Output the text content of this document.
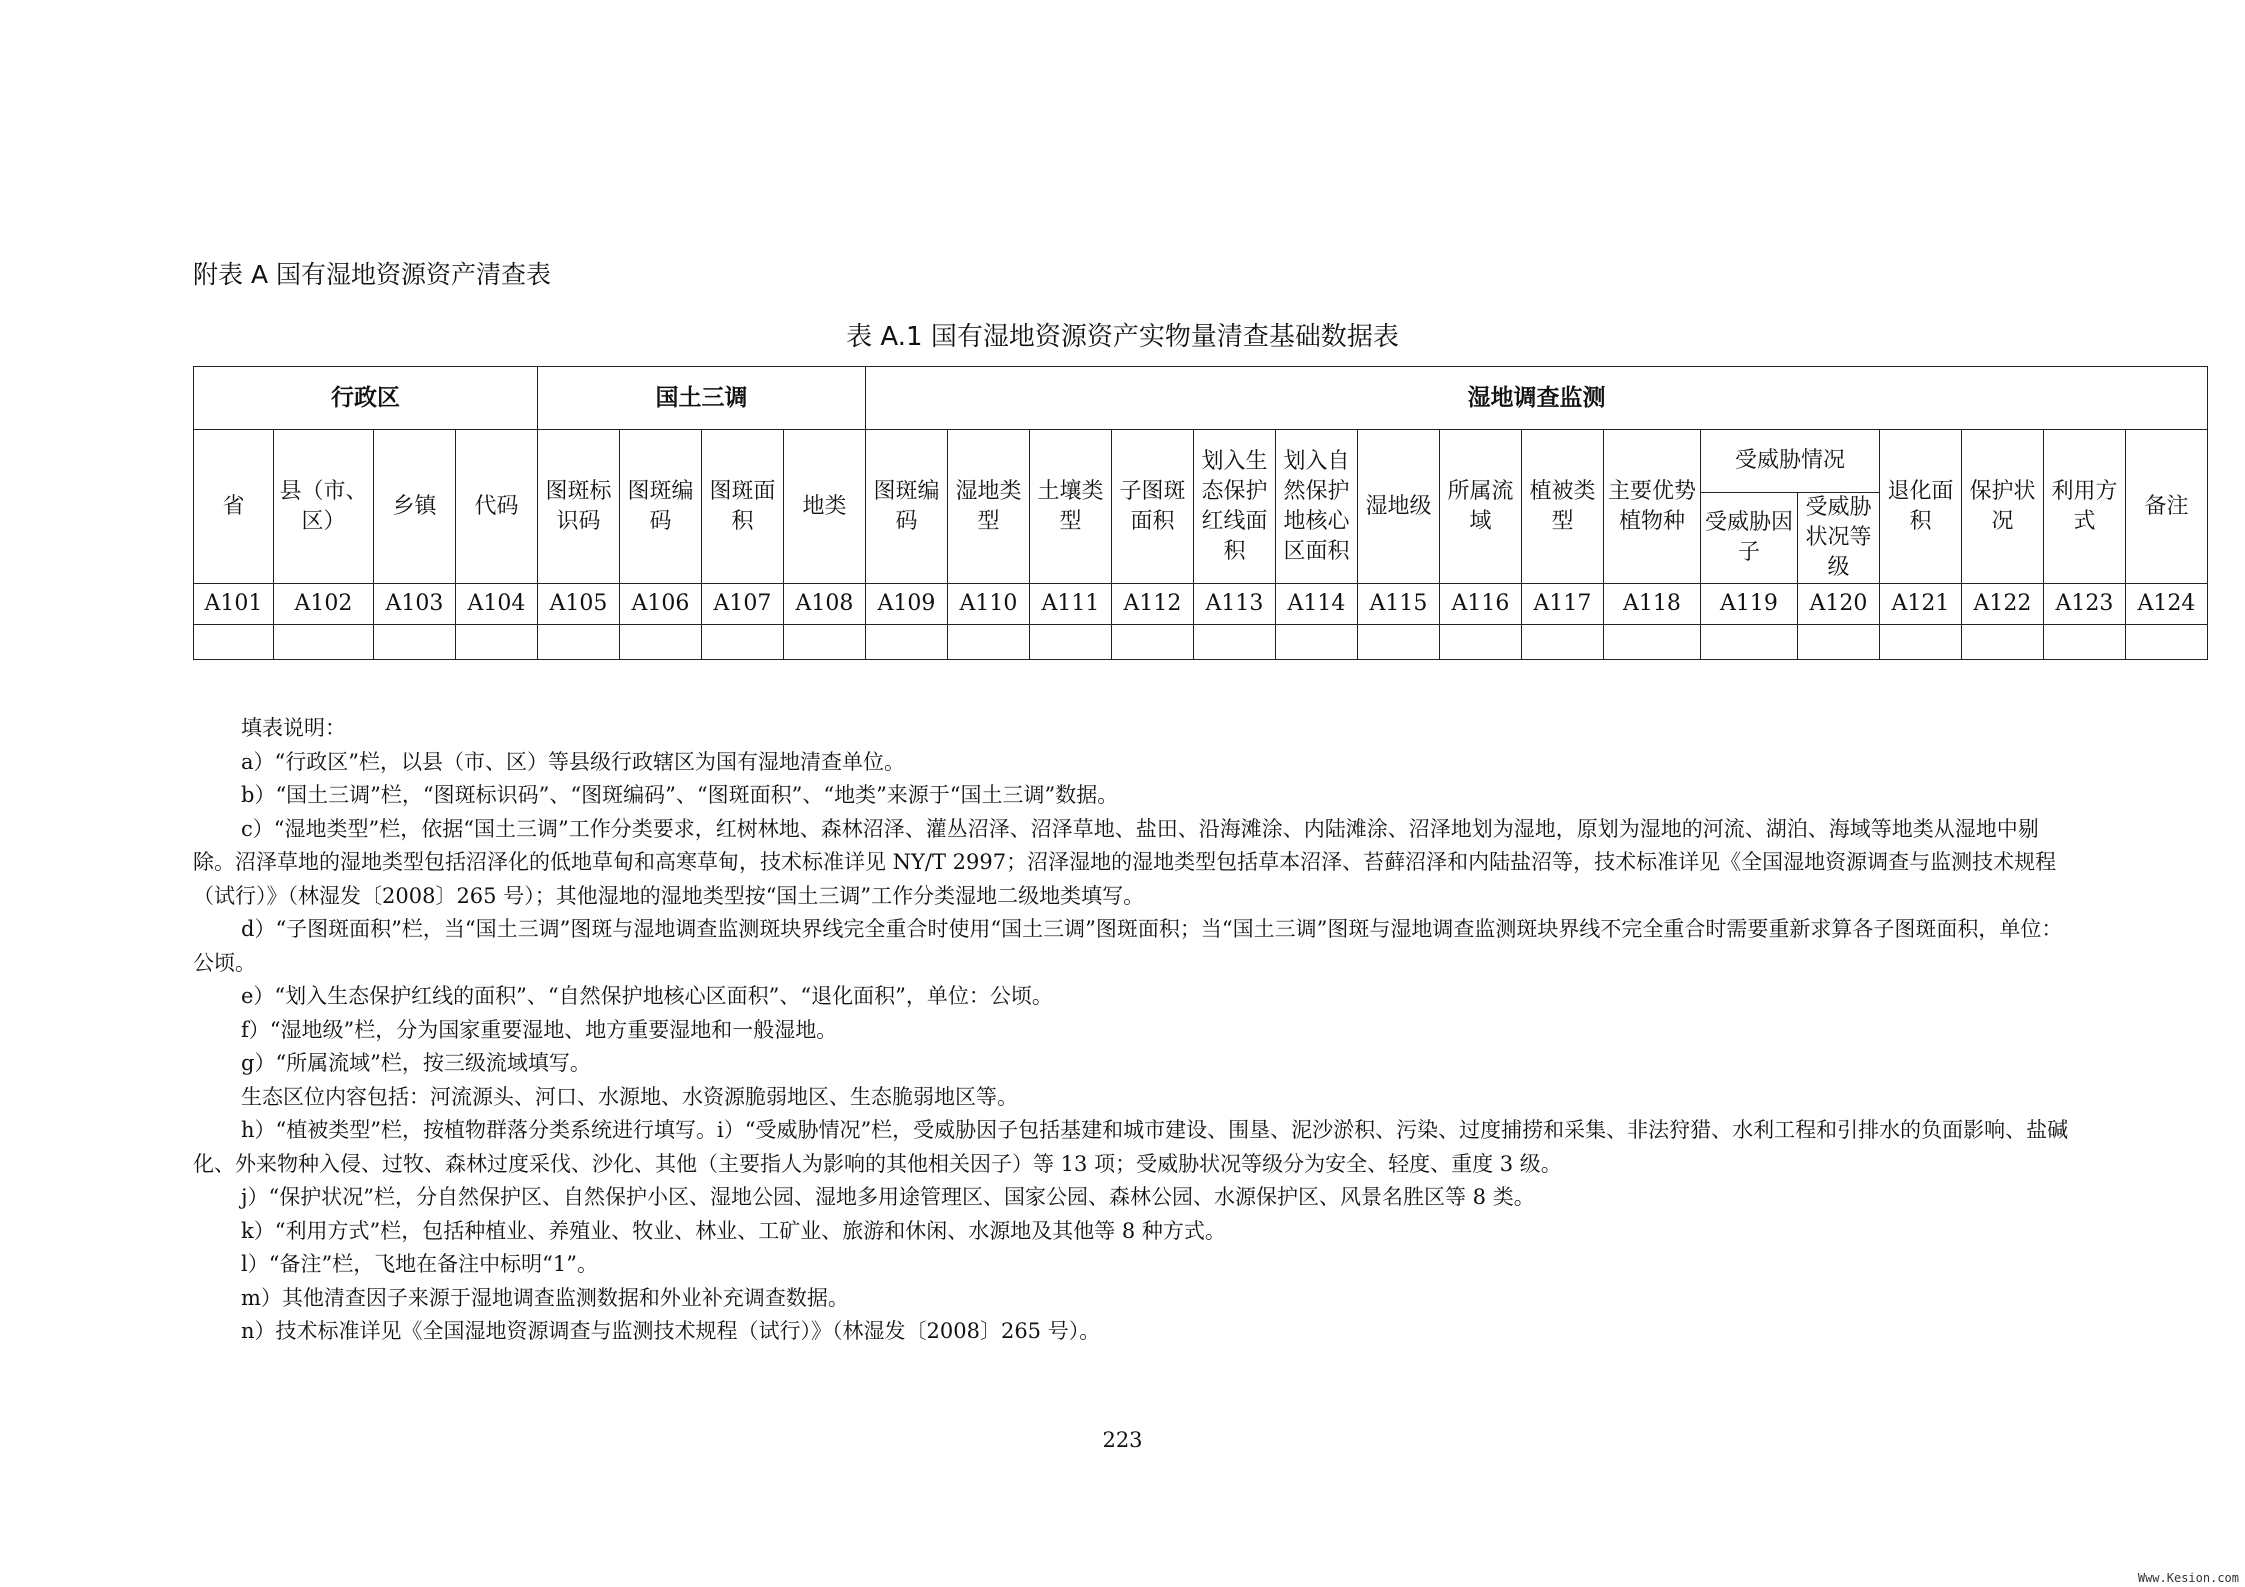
附表 A 国有湿地资源资产清查表
表 A.1 国有湿地资源资产实物量清查基础数据表
行政区				国土三调				湿地调查监测															
省	县（市、区）	乡镇	代码	图斑标识码	图斑编码	图斑面积	地类	图斑编码	湿地类型	土壤类型	子图斑面积	划入生态保护红线面积	划入自然保护地核心区面积	湿地级	所属流域	植被类型	主要优势植物种	受威胁情况		退化面积	保护状况	利用方式	备注
																		受威胁因子	受威胁状况等级				
A101	A102	A103	A104	A105	A106	A107	A108	A109	A110	A111	A112	A113	A114	A115	A116	A117	A118	A119	A120	A121	A122	A123	A124

填表说明：

a）“行政区”栏，以县（市、区）等县级行政辖区为国有湿地清查单位。

b）“国土三调”栏，“图斑标识码”、“图斑编码”、“图斑面积”、“地类”来源于“国土三调”数据。

c）“湿地类型”栏，依据“国土三调”工作分类要求，红树林地、森林沼泽、灌丛沼泽、沼泽草地、盐田、沿海滩涂、内陆滩涂、沼泽地划为湿地，原划为湿地的河流、湖泊、海域等地类从湿地中剔除。沼泽草地的湿地类型包括沼泽化的低地草甸和高寒草甸，技术标准详见 NY/T 2997；沼泽湿地的湿地类型包括草本沼泽、苔藓沼泽和内陆盐沼等，技术标准详见《全国湿地资源调查与监测技术规程（试行）》（林湿发〔2008〕265 号）；其他湿地的湿地类型按“国土三调”工作分类湿地二级地类填写。

d）“子图斑面积”栏，当“国土三调”图斑与湿地调查监测斑块界线完全重合时使用“国土三调”图斑面积；当“国土三调”图斑与湿地调查监测斑块界线不完全重合时需要重新求算各子图斑面积，单位：公顷。

e）“划入生态保护红线的面积”、“自然保护地核心区面积”、“退化面积”，单位：公顷。

f）“湿地级”栏，分为国家重要湿地、地方重要湿地和一般湿地。

g）“所属流域”栏，按三级流域填写。

生态区位内容包括：河流源头、河口、水源地、水资源脆弱地区、生态脆弱地区等。

h）“植被类型”栏，按植物群落分类系统进行填写。i）“受威胁情况”栏，受威胁因子包括基建和城市建设、围垦、泥沙淤积、污染、过度捕捞和采集、非法狩猎、水利工程和引排水的负面影响、盐碱化、外来物种入侵、过牧、森林过度采伐、沙化、其他（主要指人为影响的其他相关因子）等 13 项；受威胁状况等级分为安全、轻度、重度 3 级。

j）“保护状况”栏，分自然保护区、自然保护小区、湿地公园、湿地多用途管理区、国家公园、森林公园、水源保护区、风景名胜区等 8 类。

k）“利用方式”栏，包括种植业、养殖业、牧业、林业、工矿业、旅游和休闲、水源地及其他等 8 种方式。

l）“备注”栏，飞地在备注中标明“1”。

m）其他清查因子来源于湿地调查监测数据和外业补充调查数据。

n）技术标准详见《全国湿地资源调查与监测技术规程（试行）》（林湿发〔2008〕265 号）。

223
Www.Kesion.com
